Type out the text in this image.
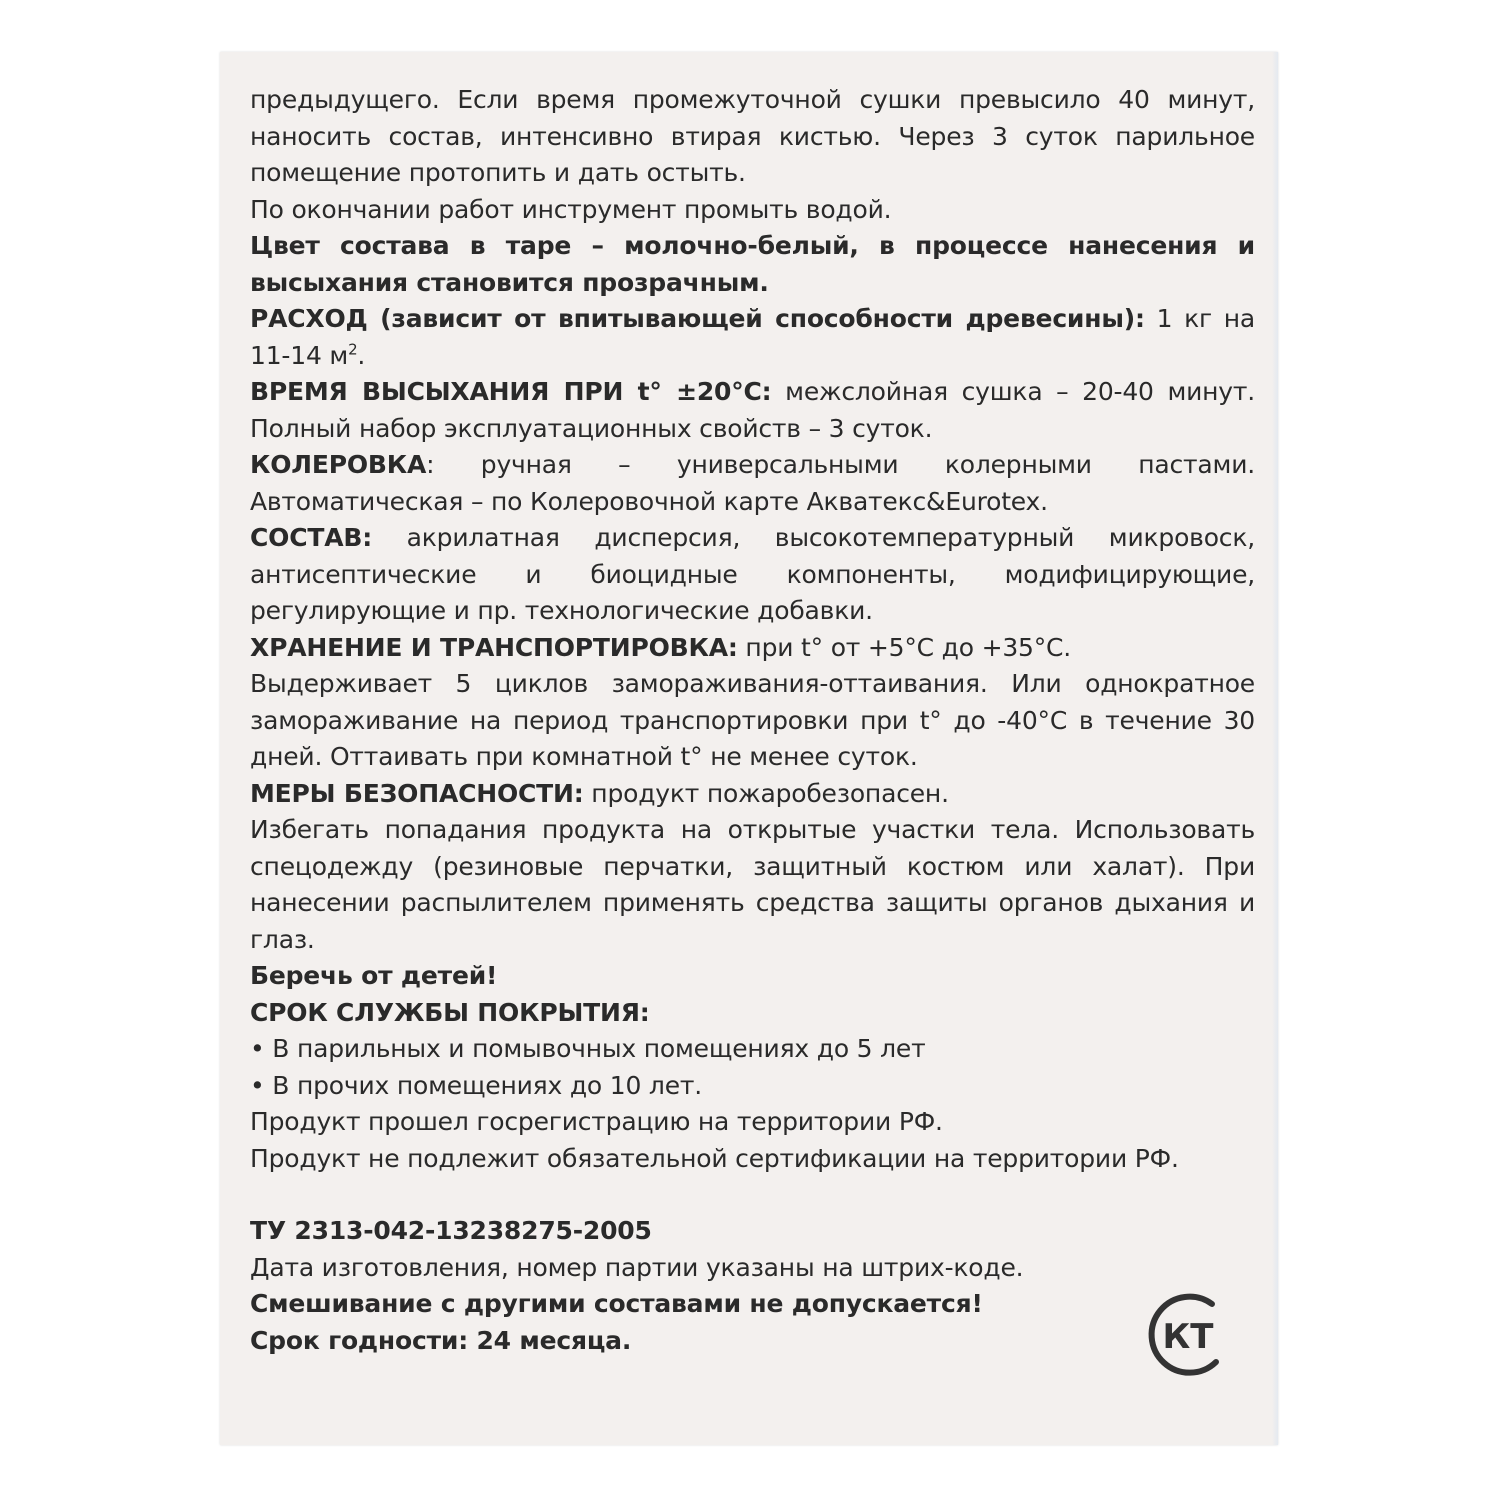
предыдущего. Если время промежуточной сушки превысило 40 минут, наносить состав, интенсивно втирая кистью. Через 3 суток парильное помещение протопить и дать остыть.

По окончании работ инструмент промыть водой.

Цвет состава в таре – молочно-белый, в процессе нанесения и высыхания становится прозрачным.

РАСХОД (зависит от впитывающей способности древесины): 1 кг на 11-14 $м^2$.

ВРЕМЯ ВЫСЫХАНИЯ ПРИ t° ±20°С: межслойная сушка – 20-40 минут. Полный набор эксплуатационных свойств – 3 суток.

КОЛЕРОВКА: ручная – универсальными колерными пастами. Автоматическая – по Колеровочной карте Акватекс&Eurotex.

СОСТАВ: акрилатная дисперсия, высокотемпературный микровоск, антисептические и биоцидные компоненты, модифицирующие, регулирующие и пр. технологические добавки.

ХРАНЕНИЕ И ТРАНСПОРТИРОВКА: при t° от +5°С до +35°С.

Выдерживает 5 циклов замораживания-оттаивания. Или однократное замораживание на период транспортировки при t° до -40°С в течение 30 дней. Оттаивать при комнатной t° не менее суток.

МЕРЫ БЕЗОПАСНОСТИ: продукт пожаробезопасен.

Избегать попадания продукта на открытые участки тела. Использовать спецодежду (резиновые перчатки, защитный костюм или халат). При нанесении распылителем применять средства защиты органов дыхания и глаз.

Беречь от детей!

СРОК СЛУЖБЫ ПОКРЫТИЯ:

• В парильных и помывочных помещениях до 5 лет

• В прочих помещениях до 10 лет.

Продукт прошел госрегистрацию на территории РФ.

Продукт не подлежит обязательной сертификации на территории РФ.

ТУ 2313-042-13238275-2005

Дата изготовления, номер партии указаны на штрих-коде.

Смешивание с другими составами не допускается!

Срок годности: 24 месяца.	КТ
